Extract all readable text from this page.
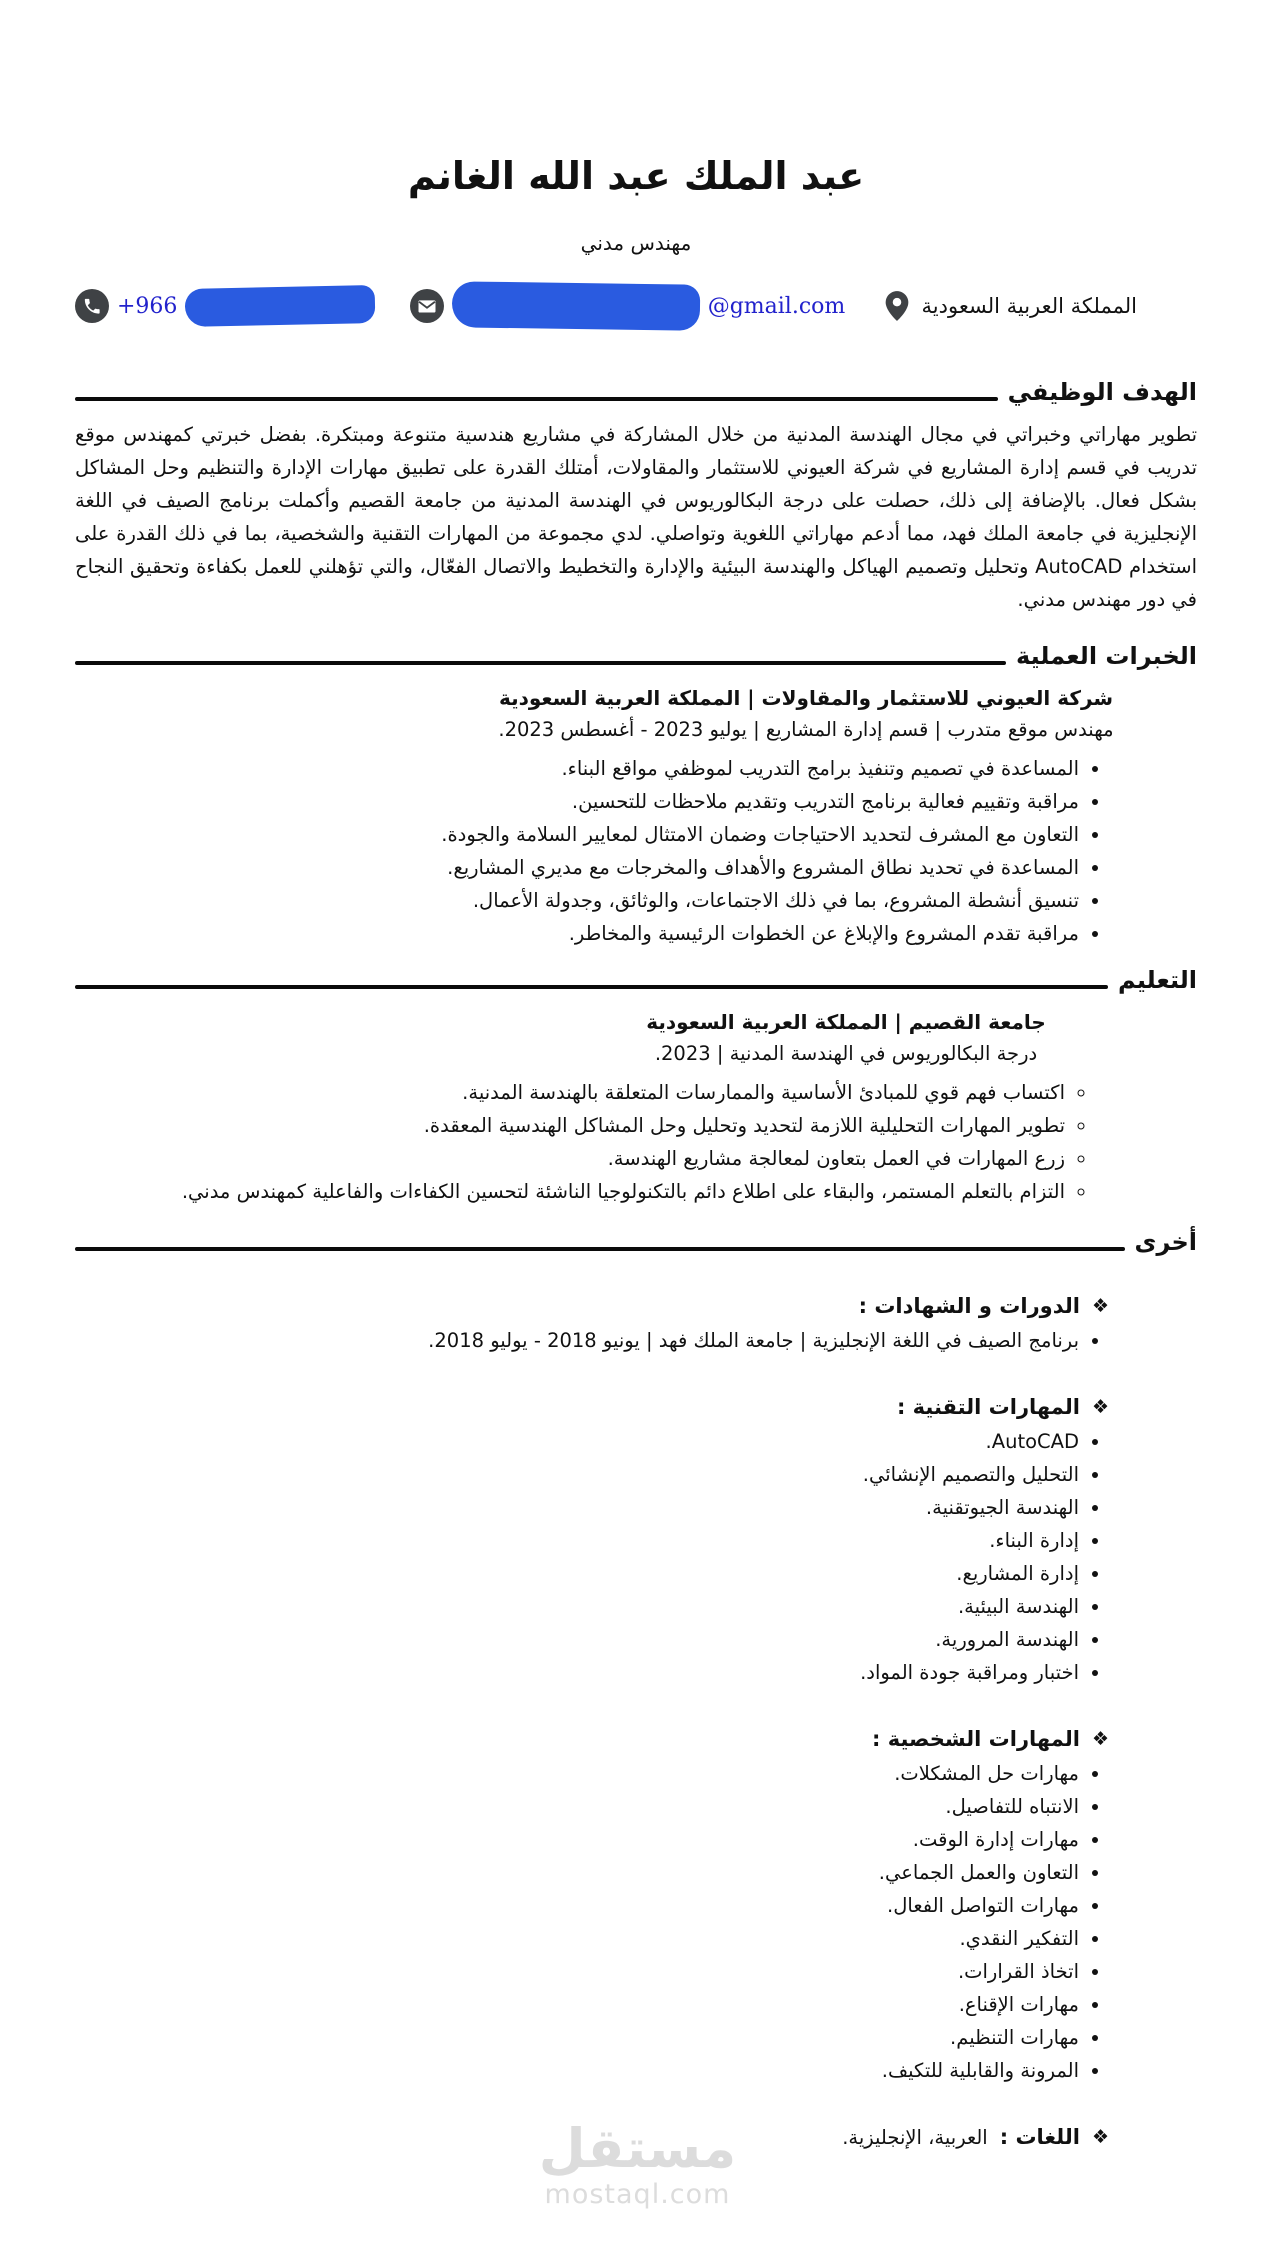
عبد الملك عبد الله الغانم
مهندس مدني
+966	@gmail.com	المملكة العربية السعودية
الهدف الوظيفي
تطوير مهاراتي وخبراتي في مجال الهندسة المدنية من خلال المشاركة في مشاريع هندسية متنوعة ومبتكرة. بفضل خبرتي كمهندس موقع تدريب في قسم إدارة المشاريع في شركة العيوني للاستثمار والمقاولات، أمتلك القدرة على تطبيق مهارات الإدارة والتنظيم وحل المشاكل بشكل فعال. بالإضافة إلى ذلك، حصلت على درجة البكالوريوس في الهندسة المدنية من جامعة القصيم وأكملت برنامج الصيف في اللغة الإنجليزية في جامعة الملك فهد، مما أدعم مهاراتي اللغوية وتواصلي. لدي مجموعة من المهارات التقنية والشخصية، بما في ذلك القدرة على استخدام AutoCAD وتحليل وتصميم الهياكل والهندسة البيئية والإدارة والتخطيط والاتصال الفعّال، والتي تؤهلني للعمل بكفاءة وتحقيق النجاح في دور مهندس مدني.
الخبرات العملية
شركة العيوني للاستثمار والمقاولات | المملكة العربية السعودية
مهندس موقع متدرب | قسم إدارة المشاريع | يوليو 2023 - أغسطس 2023.
• المساعدة في تصميم وتنفيذ برامج التدريب لموظفي مواقع البناء.
• مراقبة وتقييم فعالية برنامج التدريب وتقديم ملاحظات للتحسين.
• التعاون مع المشرف لتحديد الاحتياجات وضمان الامتثال لمعايير السلامة والجودة.
• المساعدة في تحديد نطاق المشروع والأهداف والمخرجات مع مديري المشاريع.
• تنسيق أنشطة المشروع، بما في ذلك الاجتماعات، والوثائق، وجدولة الأعمال.
• مراقبة تقدم المشروع والإبلاغ عن الخطوات الرئيسية والمخاطر.
التعليم
جامعة القصيم | المملكة العربية السعودية
درجة البكالوريوس في الهندسة المدنية | 2023.
◦ اكتساب فهم قوي للمبادئ الأساسية والممارسات المتعلقة بالهندسة المدنية.
◦ تطوير المهارات التحليلية اللازمة لتحديد وتحليل وحل المشاكل الهندسية المعقدة.
◦ زرع المهارات في العمل بتعاون لمعالجة مشاريع الهندسة.
◦ التزام بالتعلم المستمر، والبقاء على اطلاع دائم بالتكنولوجيا الناشئة لتحسين الكفاءات والفاعلية كمهندس مدني.
أخرى
❖
الدورات و الشهادات :
• برنامج الصيف في اللغة الإنجليزية | جامعة الملك فهد | يونيو 2018 - يوليو 2018.
❖
المهارات التقنية :
• AutoCAD.
• التحليل والتصميم الإنشائي.
• الهندسة الجيوتقنية.
• إدارة البناء.
• إدارة المشاريع.
• الهندسة البيئية.
• الهندسة المرورية.
• اختبار ومراقبة جودة المواد.
❖
المهارات الشخصية :
• مهارات حل المشكلات.
• الانتباه للتفاصيل.
• مهارات إدارة الوقت.
• التعاون والعمل الجماعي.
• مهارات التواصل الفعال.
• التفكير النقدي.
• اتخاذ القرارات.
• مهارات الإقناع.
• مهارات التنظيم.
• المرونة والقابلية للتكيف.
❖
اللغات :
العربية، الإنجليزية.
مستقل
mostaql.com
